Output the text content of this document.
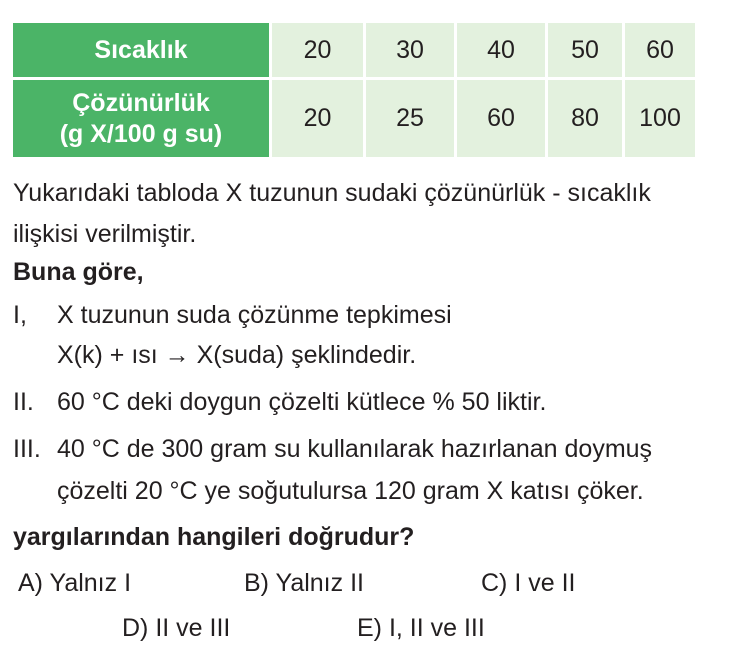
Sıcaklık	20	30	40	50	60

Çözünürlük
(g X/100 g su)	20	25	60	80	100
Yukarıdaki tabloda X tuzunun sudaki çözünürlük - sıcaklık
ilişkisi verilmiştir.
Buna göre,
I, X tuzunun suda çözünme tepkimesi
X(k) + ısı → X(suda) şeklindedir.
II. 60 °C deki doygun çözelti kütlece % 50 liktir.
III. 40 °C de 300 gram su kullanılarak hazırlanan doymuş
çözelti 20 °C ye soğutulursa 120 gram X katısı çöker.
yargılarından hangileri doğrudur?
A) Yalnız I	B) Yalnız II	C) I ve II
D) II ve III	E) I, II ve III
